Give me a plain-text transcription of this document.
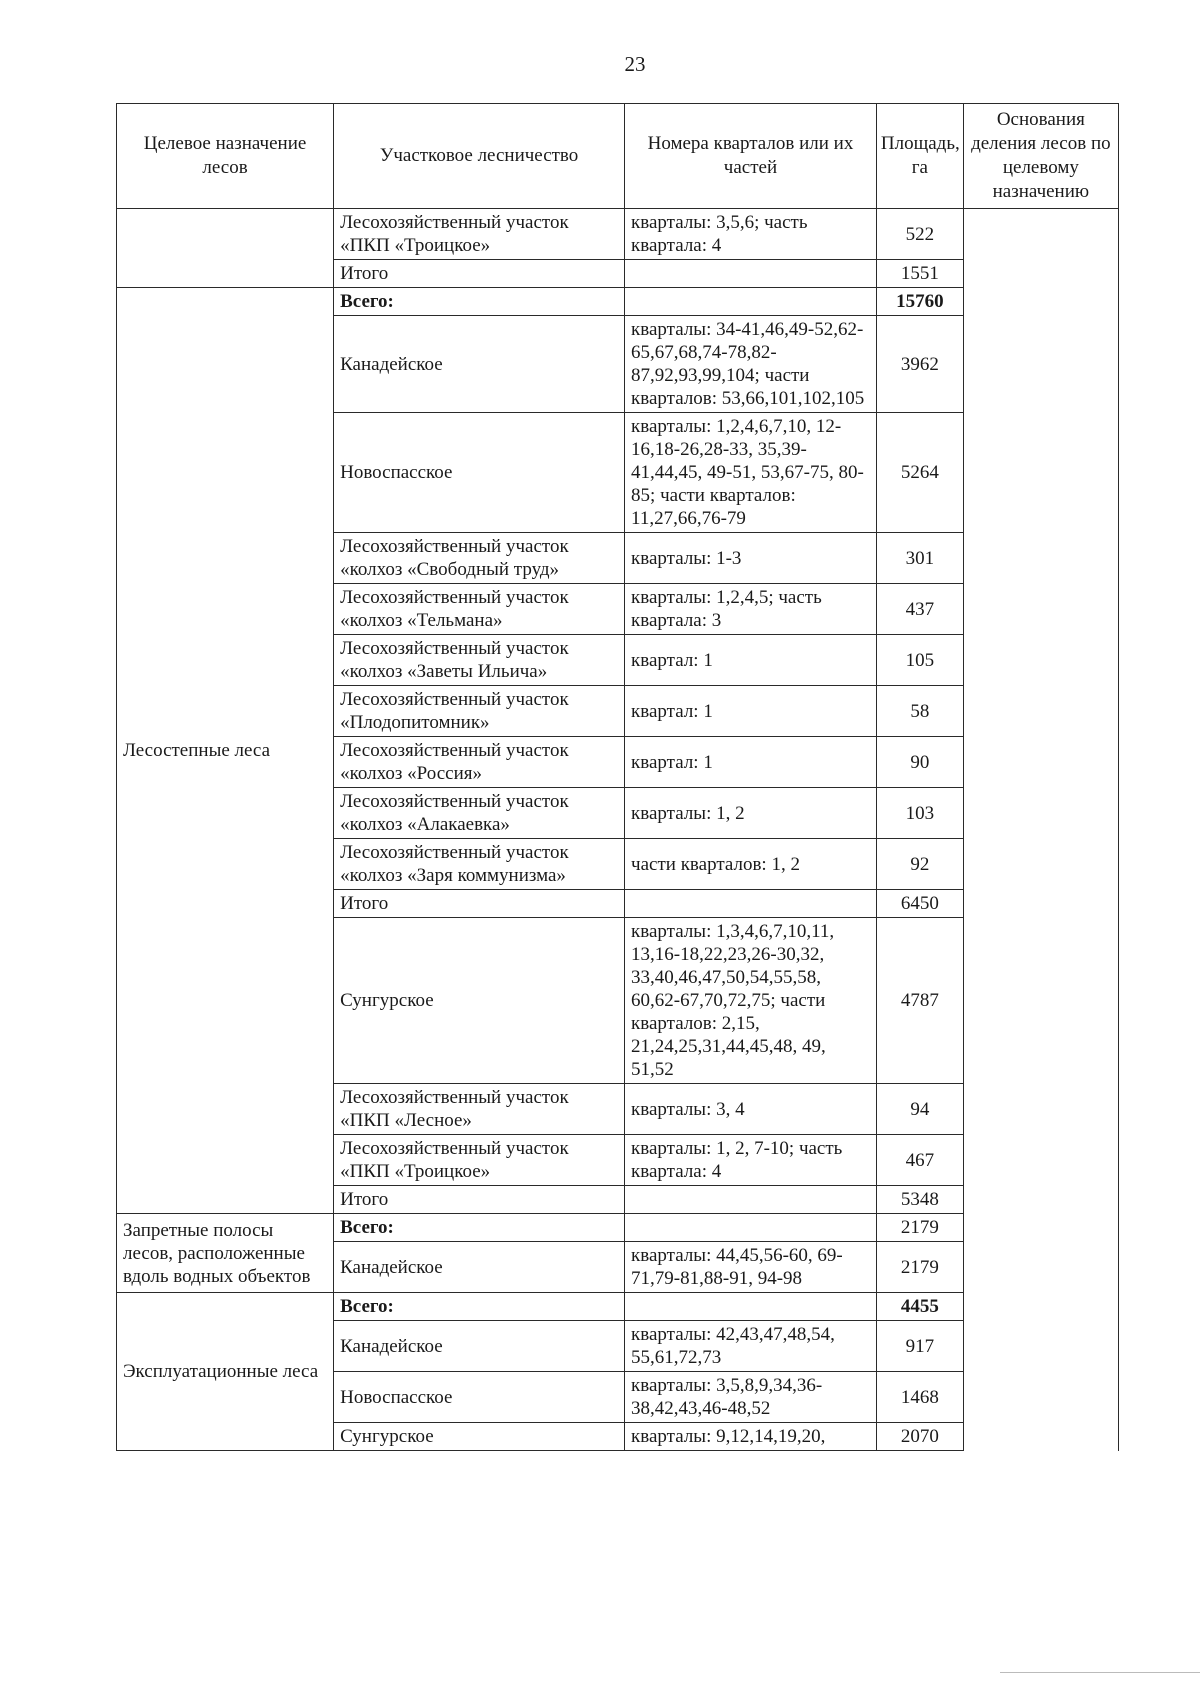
23
Целевое назначение лесов	Участковое лесничество	Номера кварталов или их частей	Площадь, га	Основания деления лесов по целевому назначению
	Лесохозяйственный участок «ПКП «Троицкое»	кварталы: 3,5,6; часть квартала: 4	522	
	Итого		1551	
Лесостепные леса	Всего:		15760	
	Канадейское	кварталы: 34-41,46,49-52,62-65,67,68,74-78,82-87,92,93,99,104; части кварталов: 53,66,101,102,105	3962	
	Новоспасское	кварталы: 1,2,4,6,7,10, 12-16,18-26,28-33, 35,39-41,44,45, 49-51, 53,67-75, 80-85; части кварталов: 11,27,66,76-79	5264	
	Лесохозяйственный участок «колхоз «Свободный труд»	кварталы: 1-3	301	
	Лесохозяйственный участок «колхоз «Тельмана»	кварталы: 1,2,4,5; часть квартала: 3	437	
	Лесохозяйственный участок «колхоз «Заветы Ильича»	квартал: 1	105	
	Лесохозяйственный участок «Плодопитомник»	квартал: 1	58	
	Лесохозяйственный участок «колхоз «Россия»	квартал: 1	90	
	Лесохозяйственный участок «колхоз «Алакаевка»	кварталы: 1, 2	103	
	Лесохозяйственный участок «колхоз «Заря коммунизма»	части кварталов: 1, 2	92	
	Итого		6450	
	Сунгурское	кварталы: 1,3,4,6,7,10,11, 13,16-18,22,23,26-30,32, 33,40,46,47,50,54,55,58, 60,62-67,70,72,75; части кварталов: 2,15, 21,24,25,31,44,45,48, 49, 51,52	4787	
	Лесохозяйственный участок «ПКП «Лесное»	кварталы: 3, 4	94	
	Лесохозяйственный участок «ПКП «Троицкое»	кварталы: 1, 2, 7-10; часть квартала: 4	467	
	Итого		5348	
Запретные полосы лесов, расположенные вдоль водных объектов	Всего:		2179	
	Канадейское	кварталы: 44,45,56-60, 69-71,79-81,88-91, 94-98	2179	
Эксплуатационные леса	Всего:		4455	
	Канадейское	кварталы: 42,43,47,48,54, 55,61,72,73	917	
	Новоспасское	кварталы: 3,5,8,9,34,36-38,42,43,46-48,52	1468	
	Сунгурское	кварталы: 9,12,14,19,20,	2070	
